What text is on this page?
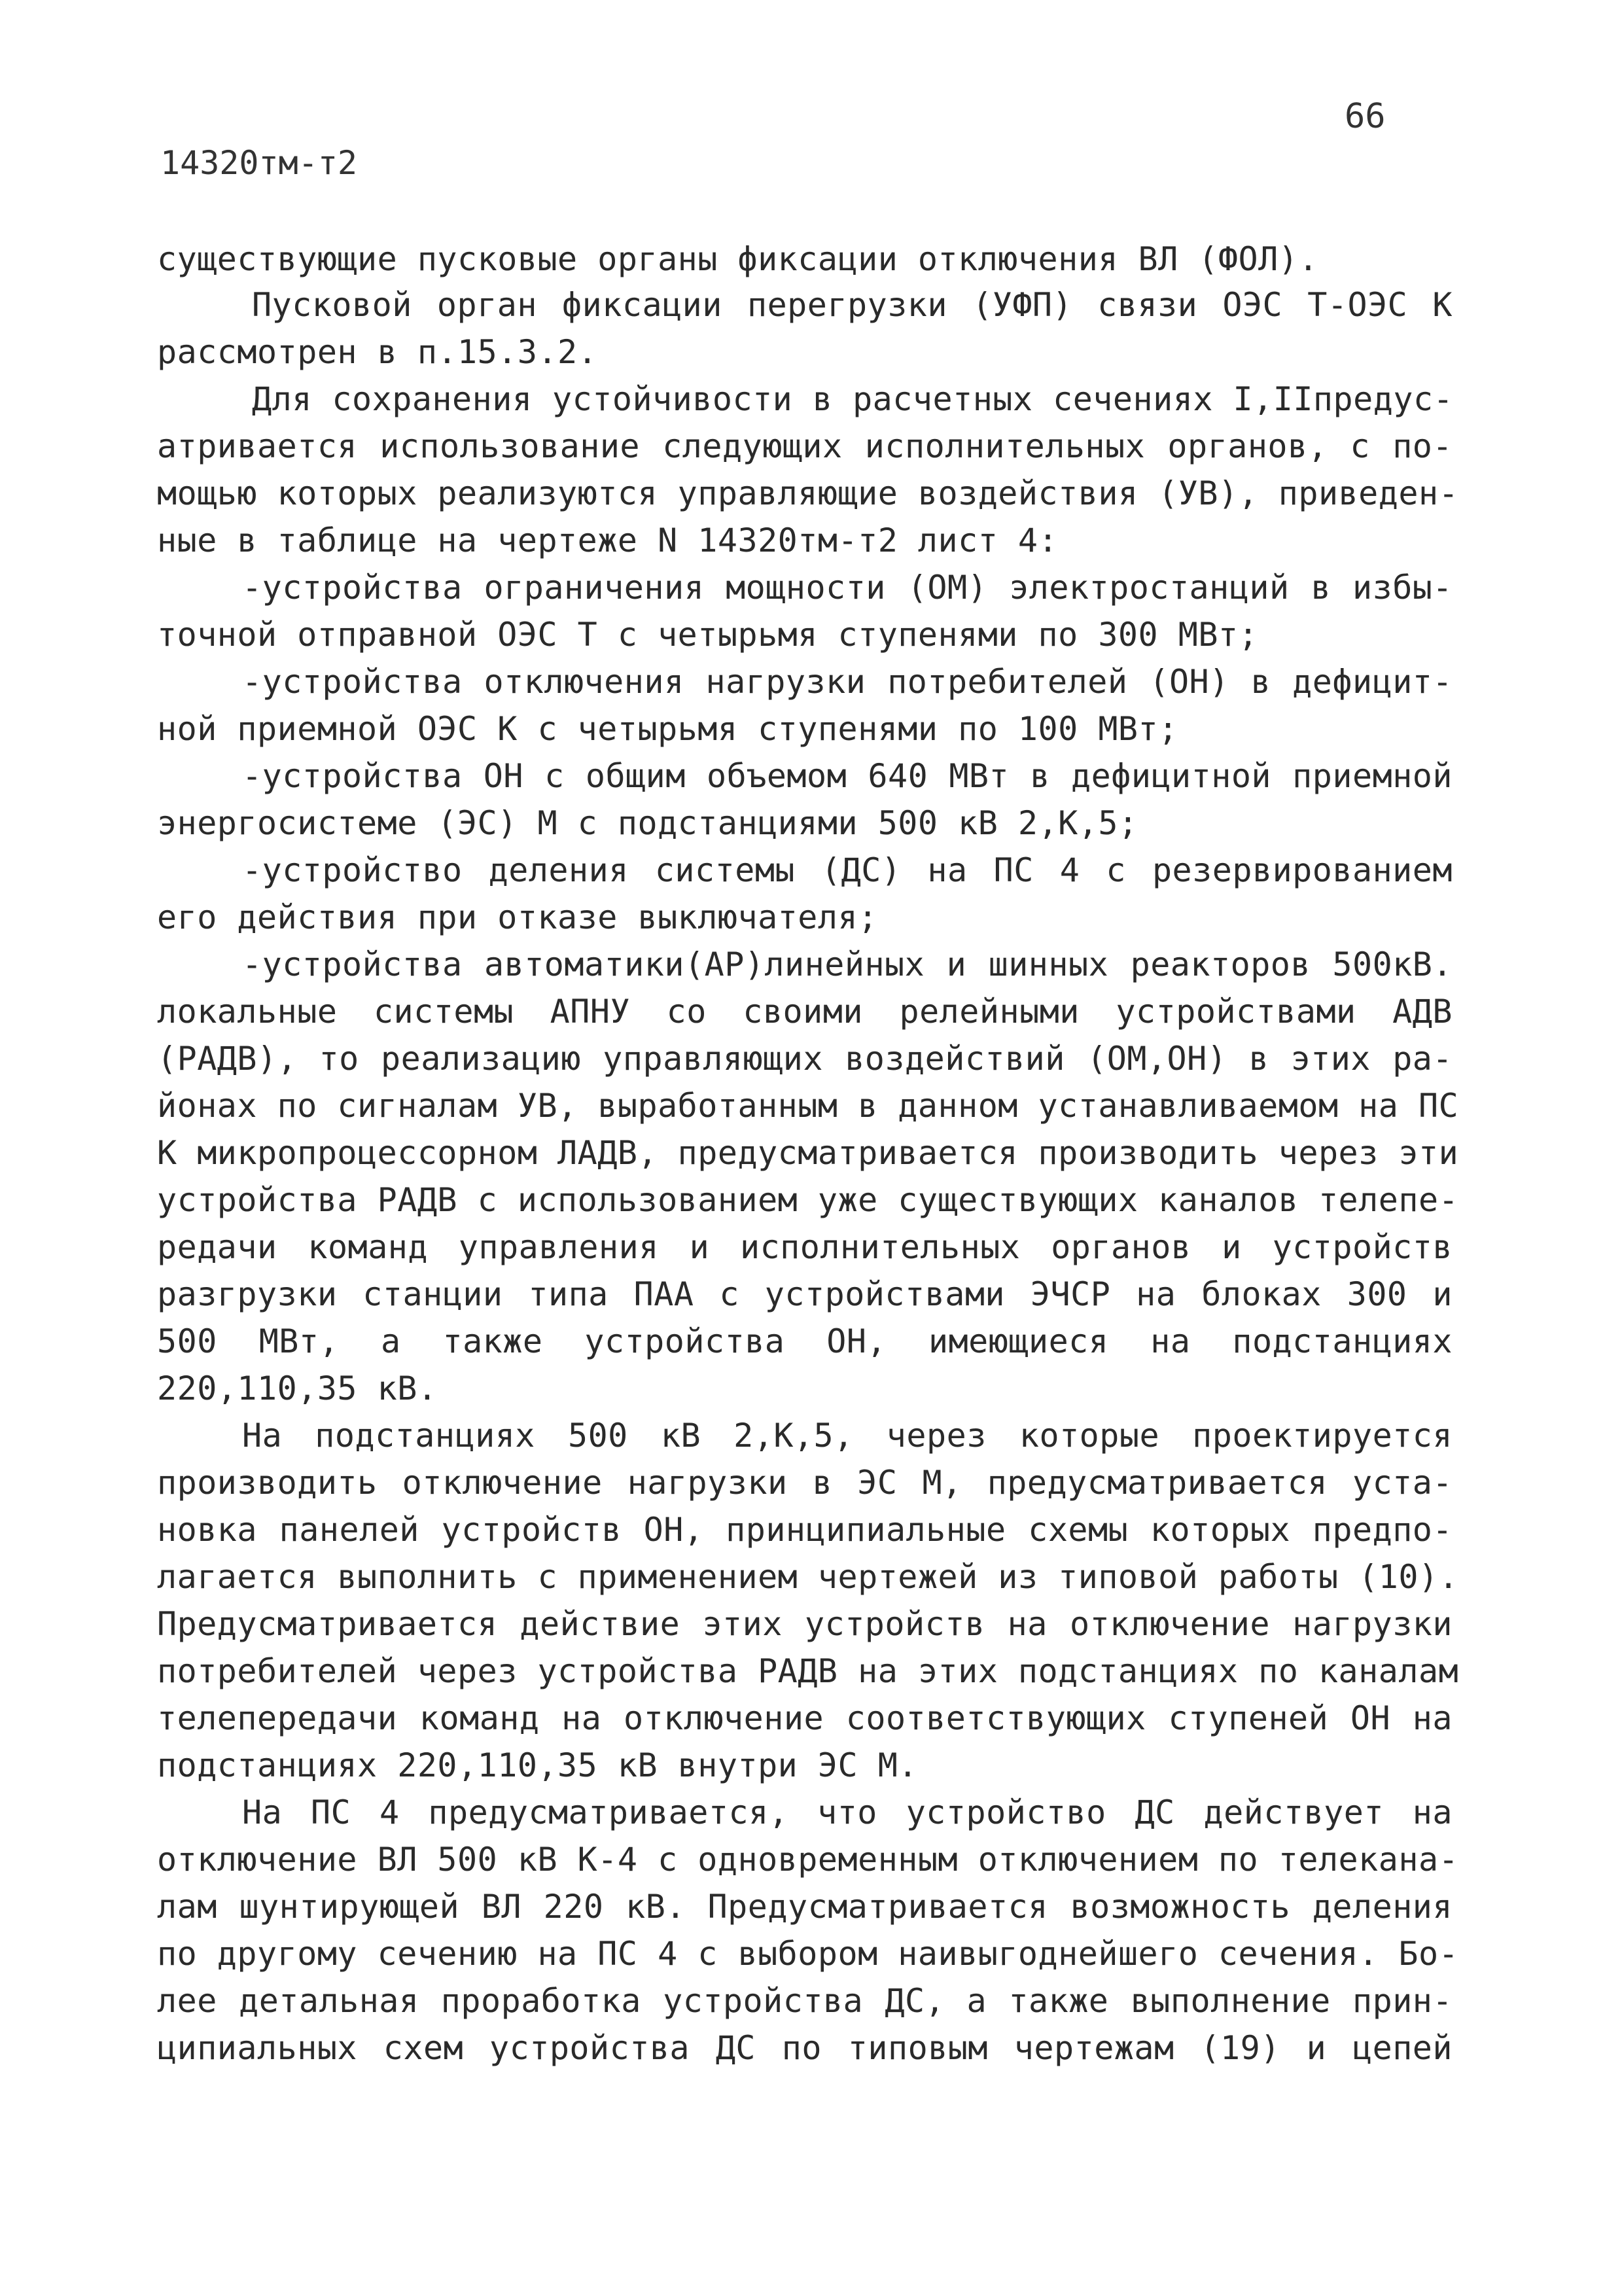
66
14320тм-т2
существующие пусковые органы фиксации отключения ВЛ (ФОЛ).
Пусковой орган фиксации перегрузки (УФП) связи ОЭС Т-ОЭС К
рассмотрен в п.15.3.2.
Для сохранения устойчивости в расчетных сечениях I,IIпредус-
атривается использование следующих исполнительных органов, с по-
мощью которых реализуются управляющие воздействия (УВ), приведен-
ные в таблице на чертеже N 14320тм-т2 лист 4:
-устройства ограничения мощности (ОМ) электростанций в избы-
точной отправной ОЭС Т с четырьмя ступенями по 300 МВт;
-устройства отключения нагрузки потребителей (ОН) в дефицит-
ной приемной ОЭС К с четырьмя ступенями по 100 МВт;
-устройства ОН с общим объемом 640 МВт в дефицитной приемной
энергосистеме (ЭС) М с подстанциями 500 кВ 2,К,5;
-устройство деления системы (ДС) на ПС 4 с резервированием
его действия при отказе выключателя;
-устройства автоматики(АР)линейных и шинных реакторов 500кВ.
локальные системы АПНУ со своими релейными устройствами АДВ
(РАДВ), то реализацию управляющих воздействий (ОМ,ОН) в этих ра-
йонах по сигналам УВ, выработанным в данном устанавливаемом на ПС
К микропроцессорном ЛАДВ, предусматривается производить через эти
устройства РАДВ с использованием уже существующих каналов телепе-
редачи команд управления и исполнительных органов и устройств
разгрузки станции типа ПАА с устройствами ЭЧСР на блоках 300 и
500 МВт, а также устройства ОН, имеющиеся на подстанциях
220,110,35 кВ.
На подстанциях 500 кВ 2,К,5, через которые проектируется
производить отключение нагрузки в ЭС М, предусматривается уста-
новка панелей устройств ОН, принципиальные схемы которых предпо-
лагается выполнить с применением чертежей из типовой работы (10).
Предусматривается действие этих устройств на отключение нагрузки
потребителей через устройства РАДВ на этих подстанциях по каналам
телепередачи команд на отключение соответствующих ступеней ОН на
подстанциях 220,110,35 кВ внутри ЭС М.
На ПС 4 предусматривается, что устройство ДС действует на
отключение ВЛ 500 кВ К-4 с одновременным отключением по телекана-
лам шунтирующей ВЛ 220 кВ. Предусматривается возможность деления
по другому сечению на ПС 4 с выбором наивыгоднейшего сечения. Бо-
лее детальная проработка устройства ДС, а также выполнение прин-
ципиальных схем устройства ДС по типовым чертежам (19) и цепей
